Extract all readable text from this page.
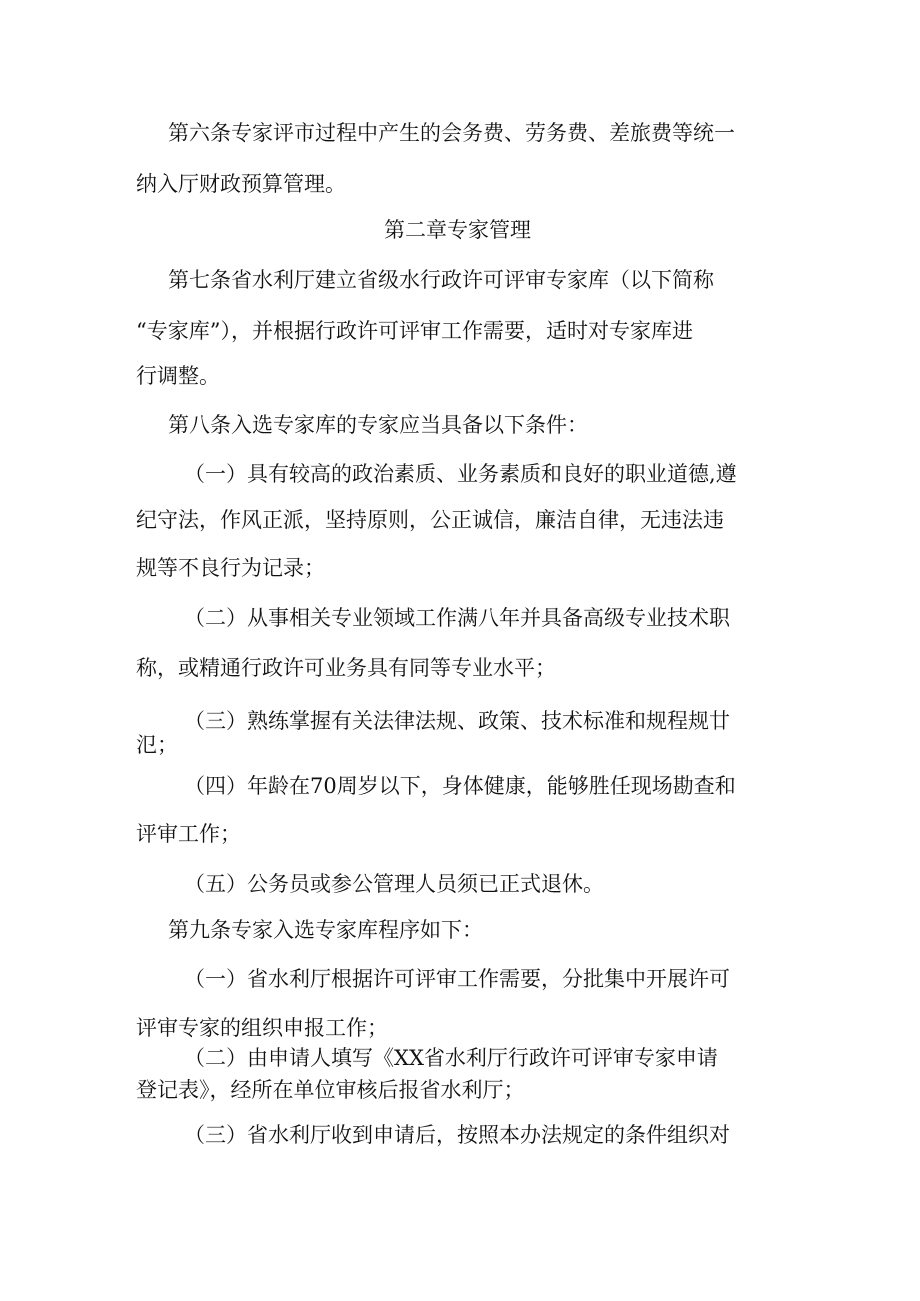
第六条专家评市过程中产生的会务费、劳务费、差旅费等统一
纳入厅财政预算管理。
第二章专家管理
第七条省水利厅建立省级水行政许可评审专家库（以下简称
“专家库”），并根据行政许可评审工作需要，适时对专家库进
行调整。
第八条入选专家库的专家应当具备以下条件：
（一）具有较高的政治素质、业务素质和良好的职业道德,遵
纪守法，作风正派，坚持原则，公正诚信，廉洁自律，无违法违
规等不良行为记录；
（二）从事相关专业领域工作满八年并具备高级专业技术职
称，或精通行政许可业务具有同等专业水平；
（三）熟练掌握有关法律法规、政策、技术标准和规程规廿
氾；
（四）年龄在70周岁以下，身体健康，能够胜任现场勘查和
评审工作；
（五）公务员或参公管理人员须已正式退休。
第九条专家入选专家库程序如下：
（一）省水利厅根据许可评审工作需要，分批集中开展许可
评审专家的组织申报工作；
（二）由申请人填写《XX省水利厅行政许可评审专家申请
登记表》，经所在单位审核后报省水利厅；
（三）省水利厅收到申请后，按照本办法规定的条件组织对
